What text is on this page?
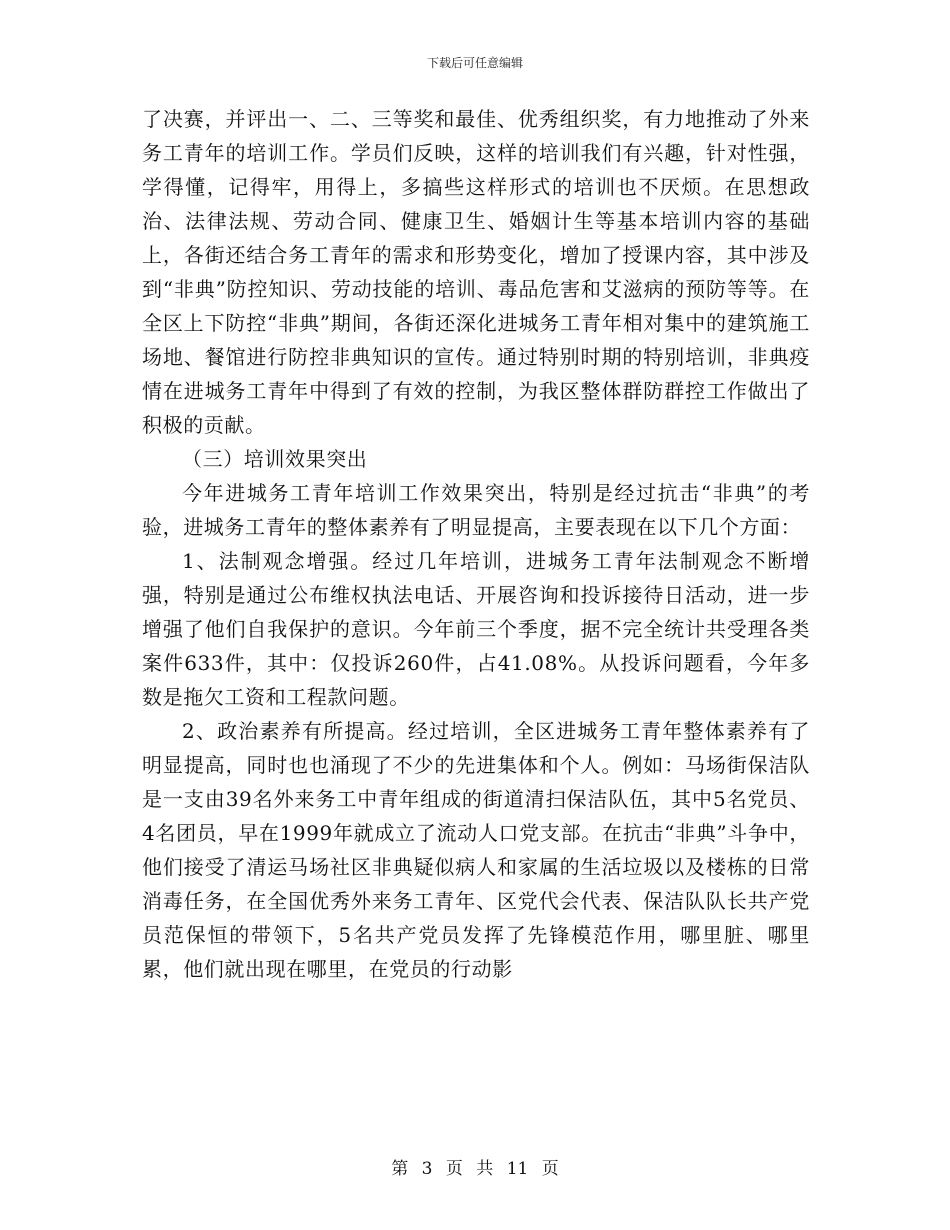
下载后可任意编辑

了决赛，并评出一、二、三等奖和最佳、优秀组织奖，有力地推动了外来务工青年的培训工作。学员们反映，这样的培训我们有兴趣，针对性强，学得懂，记得牢，用得上，多搞些这样形式的培训也不厌烦。在思想政治、法律法规、劳动合同、健康卫生、婚姻计生等基本培训内容的基础上，各街还结合务工青年的需求和形势变化，增加了授课内容，其中涉及到“非典”防控知识、劳动技能的培训、毒品危害和艾滋病的预防等等。在全区上下防控“非典”期间，各街还深化进城务工青年相对集中的建筑施工场地、餐馆进行防控非典知识的宣传。通过特别时期的特别培训，非典疫情在进城务工青年中得到了有效的控制，为我区整体群防群控工作做出了积极的贡献。

（三）培训效果突出

今年进城务工青年培训工作效果突出，特别是经过抗击“非典”的考验，进城务工青年的整体素养有了明显提高，主要表现在以下几个方面：

1、法制观念增强。经过几年培训，进城务工青年法制观念不断增强，特别是通过公布维权执法电话、开展咨询和投诉接待日活动，进一步增强了他们自我保护的意识。今年前三个季度，据不完全统计共受理各类案件633件，其中：仅投诉260件，占41.08%。从投诉问题看，今年多数是拖欠工资和工程款问题。

2、政治素养有所提高。经过培训，全区进城务工青年整体素养有了明显提高，同时也也涌现了不少的先进集体和个人。例如：马场街保洁队是一支由39名外来务工中青年组成的街道清扫保洁队伍，其中5名党员、4名团员，早在1999年就成立了流动人口党支部。在抗击“非典”斗争中，他们接受了清运马场社区非典疑似病人和家属的生活垃圾以及楼栋的日常消毒任务，在全国优秀外来务工青年、区党代会代表、保洁队队长共产党员范保恒的带领下，5名共产党员发挥了先锋模范作用，哪里脏、哪里累，他们就出现在哪里，在党员的行动影

第 3 页 共 11 页
